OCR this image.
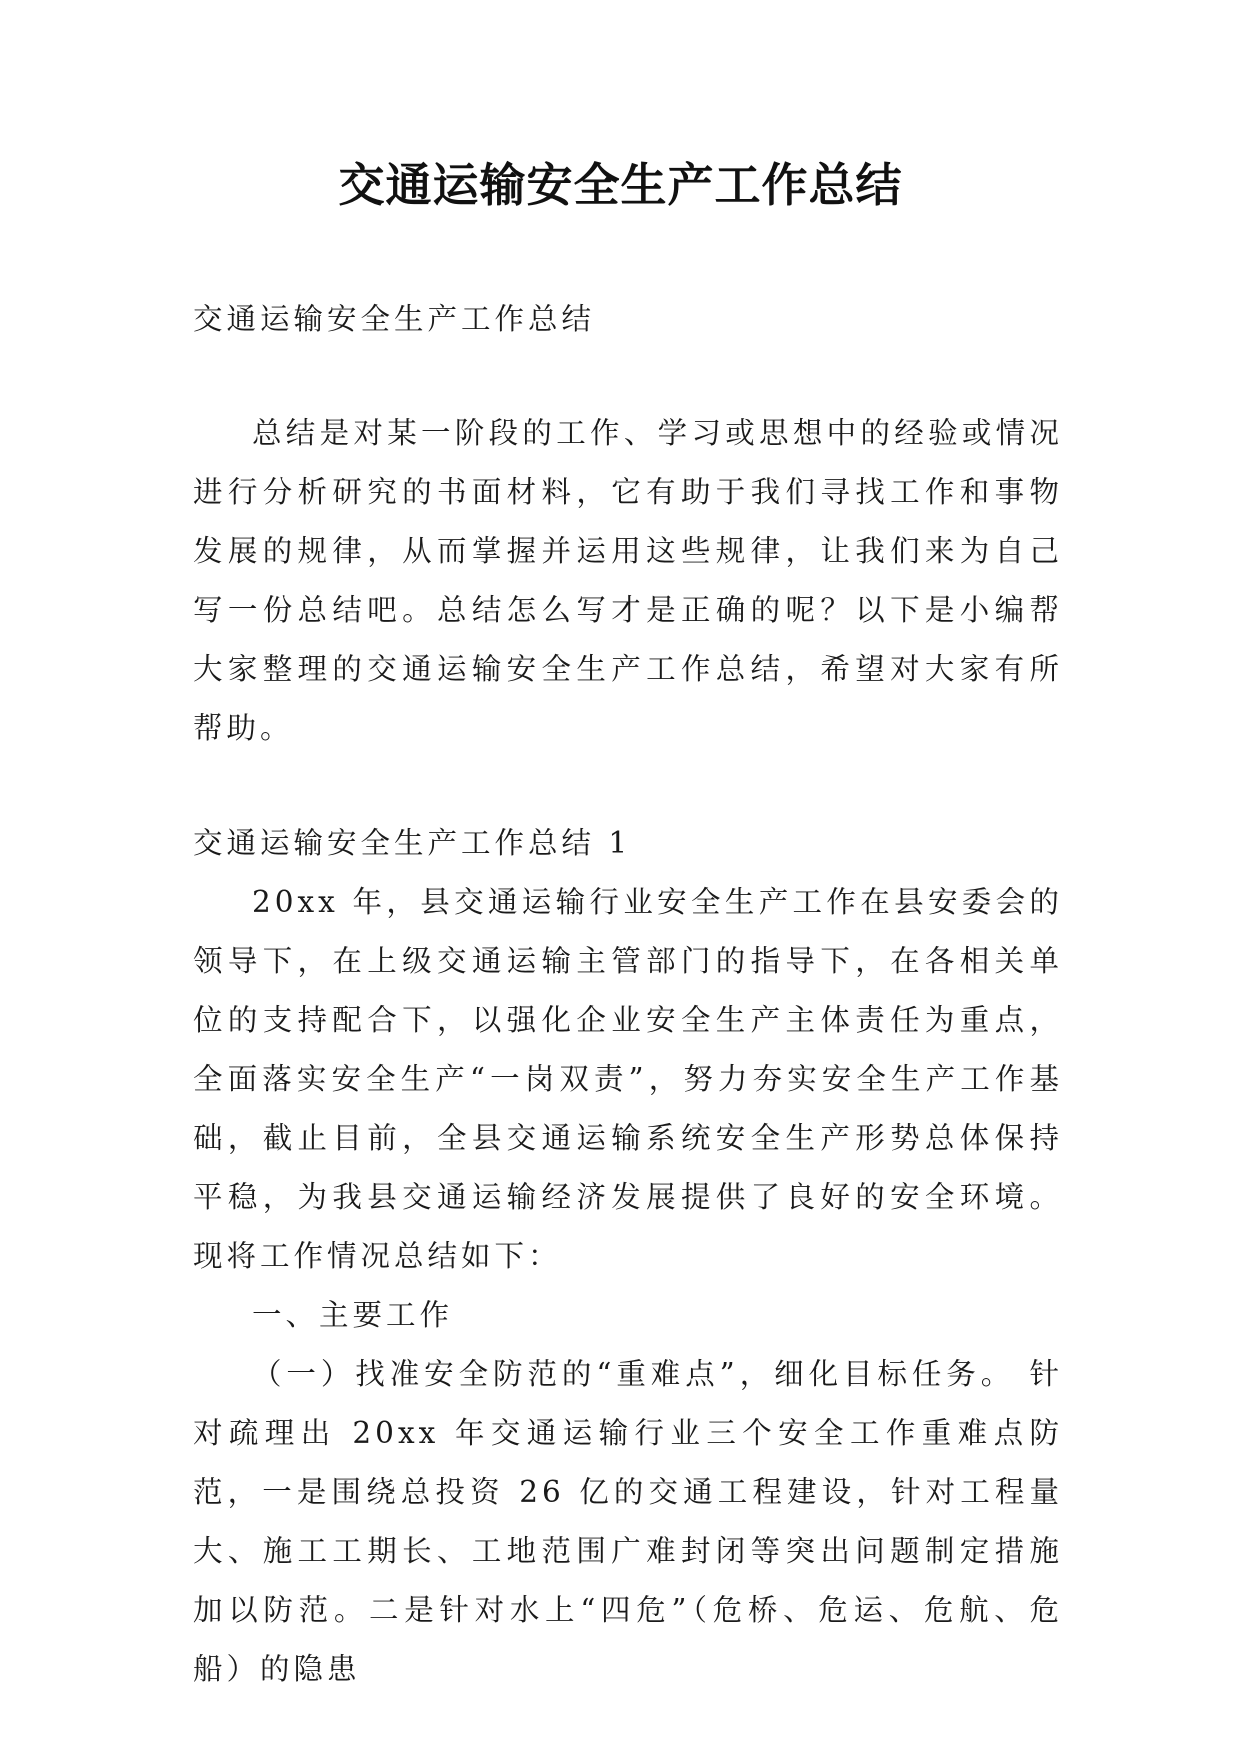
交通运输安全生产工作总结

交通运输安全生产工作总结

总结是对某一阶段的工作、学习或思想中的经验或情况进行分析研究的书面材料，它有助于我们寻找工作和事物发展的规律，从而掌握并运用这些规律，让我们来为自己写一份总结吧。总结怎么写才是正确的呢？以下是小编帮大家整理的交通运输安全生产工作总结，希望对大家有所帮助。

交通运输安全生产工作总结 1

20xx 年，县交通运输行业安全生产工作在县安委会的领导下，在上级交通运输主管部门的指导下，在各相关单位的支持配合下，以强化企业安全生产主体责任为重点，全面落实安全生产“一岗双责”，努力夯实安全生产工作基础，截止目前，全县交通运输系统安全生产形势总体保持平稳，为我县交通运输经济发展提供了良好的安全环境。现将工作情况总结如下：

一、主要工作

（一）找准安全防范的“重难点”，细化目标任务。 针对疏理出 20xx 年交通运输行业三个安全工作重难点防范，一是围绕总投资 26 亿的交通工程建设，针对工程量大、施工工期长、工地范围广难封闭等突出问题制定措施加以防范。二是针对水上“四危”（危桥、危运、危航、危船）的隐患
